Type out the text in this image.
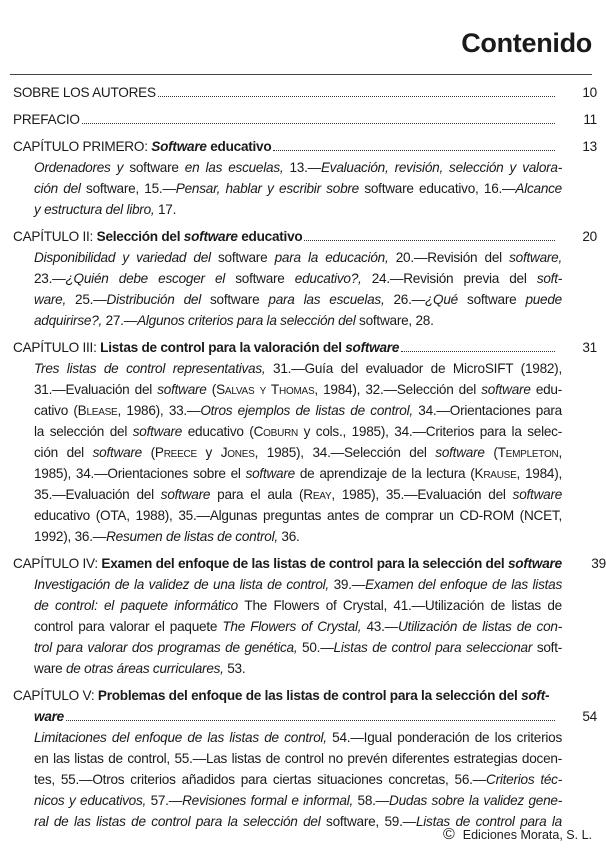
Contenido
SOBRE LOS AUTORES	10
PREFACIO	11
CAPÍTULO PRIMERO: Software educativo	13
Ordenadores y software en las escuelas, 13.—Evaluación, revisión, selección y valora-
ción del software, 15.—Pensar, hablar y escribir sobre software educativo, 16.—Alcance
y estructura del libro, 17.
CAPÍTULO II: Selección del software educativo	20
Disponibilidad y variedad del software para la educación, 20.—Revisión del software,
23.—¿Quién debe escoger el software educativo?, 24.—Revisión previa del soft-
ware, 25.—Distribución del software para las escuelas, 26.—¿Qué software puede
adquirirse?, 27.—Algunos criterios para la selección del software, 28.
CAPÍTULO III: Listas de control para la valoración del software	31
Tres listas de control representativas, 31.—Guía del evaluador de MicroSIFT (1982),
31.—Evaluación del software (Salvas y Thomas, 1984), 32.—Selección del software edu-
cativo (Blease, 1986), 33.—Otros ejemplos de listas de control, 34.—Orientaciones para
la selección del software educativo (Coburn y cols., 1985), 34.—Criterios para la selec-
ción del software (Preece y Jones, 1985), 34.—Selección del software (Templeton,
1985), 34.—Orientaciones sobre el software de aprendizaje de la lectura (Krause, 1984),
35.—Evaluación del software para el aula (Reay, 1985), 35.—Evaluación del software
educativo (OTA, 1988), 35.—Algunas preguntas antes de comprar un CD-ROM (NCET,
1992), 36.—Resumen de listas de control, 36.
CAPÍTULO IV: Examen del enfoque de las listas de control para la selección del software	39
Investigación de la validez de una lista de control, 39.—Examen del enfoque de las listas
de control: el paquete informático The Flowers of Crystal, 41.—Utilización de listas de
control para valorar el paquete The Flowers of Crystal, 43.—Utilización de listas de con-
trol para valorar dos programas de genética, 50.—Listas de control para seleccionar soft-
ware de otras áreas curriculares, 53.
CAPÍTULO V: Problemas del enfoque de las listas de control para la selección del soft-
ware	54
Limitaciones del enfoque de las listas de control, 54.—Igual ponderación de los criterios
en las listas de control, 55.—Las listas de control no prevén diferentes estrategias docen-
tes, 55.—Otros criterios añadidos para ciertas situaciones concretas, 56.—Criterios téc-
nicos y educativos, 57.—Revisiones formal e informal, 58.—Dudas sobre la validez gene-
ral de las listas de control para la selección del software, 59.—Listas de control para la
© Ediciones Morata, S. L.
